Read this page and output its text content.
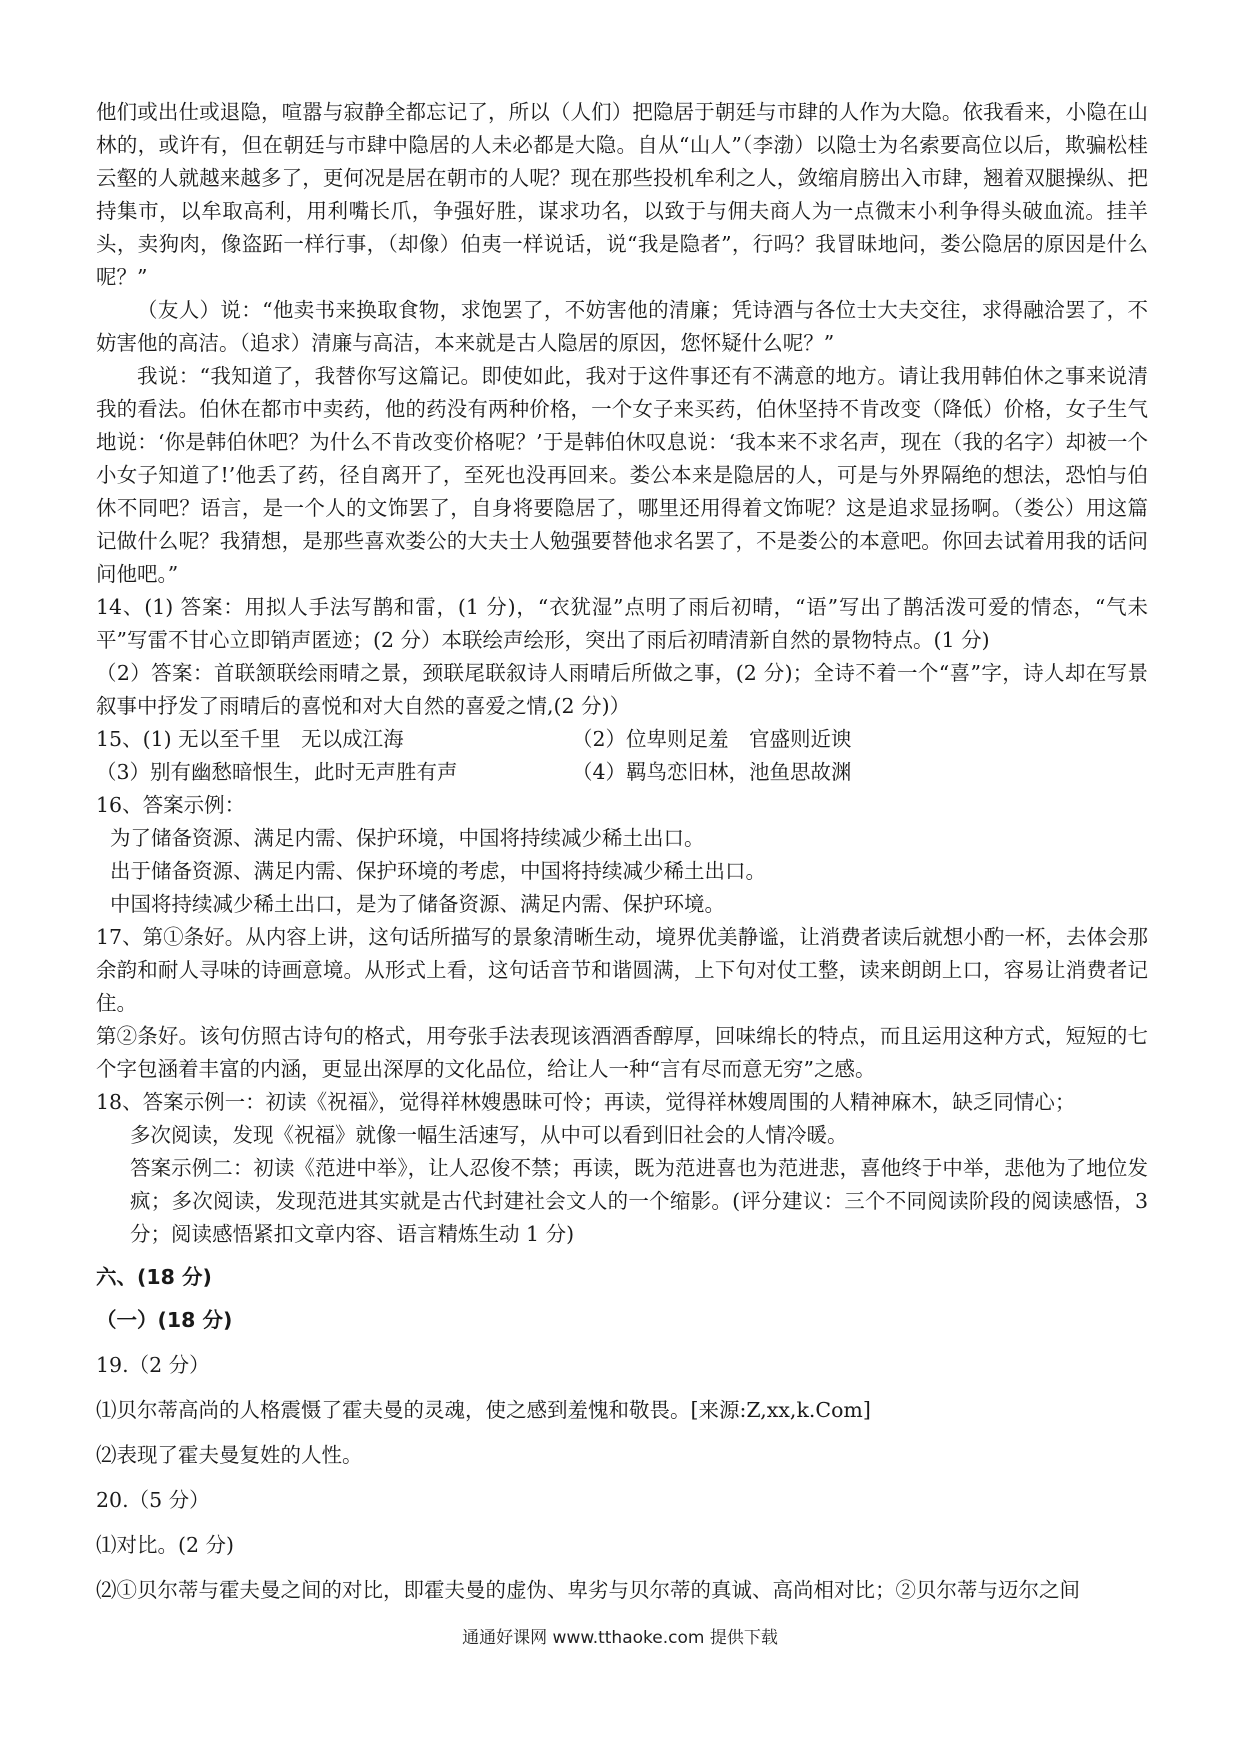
他们或出仕或退隐，喧嚣与寂静全都忘记了，所以（人们）把隐居于朝廷与市肆的人作为大隐。依我看来，小隐在山林的，或许有，但在朝廷与市肆中隐居的人未必都是大隐。自从“山人”（李渤）以隐士为名索要高位以后，欺骗松桂云壑的人就越来越多了，更何况是居在朝市的人呢？现在那些投机牟利之人，敛缩肩膀出入市肆，翘着双腿操纵、把持集市，以牟取高利，用利嘴长爪，争强好胜，谋求功名，以致于与佣夫商人为一点微末小利争得头破血流。挂羊头，卖狗肉，像盗跖一样行事，（却像）伯夷一样说话，说“我是隐者”，行吗？我冒昧地问，娄公隐居的原因是什么呢？”

（友人）说：“他卖书来换取食物，求饱罢了，不妨害他的清廉；凭诗酒与各位士大夫交往，求得融洽罢了，不妨害他的高洁。（追求）清廉与高洁，本来就是古人隐居的原因，您怀疑什么呢？”

我说：“我知道了，我替你写这篇记。即使如此，我对于这件事还有不满意的地方。请让我用韩伯休之事来说清我的看法。伯休在都市中卖药，他的药没有两种价格，一个女子来买药，伯休坚持不肯改变（降低）价格，女子生气地说：‘你是韩伯休吧？为什么不肯改变价格呢？’于是韩伯休叹息说：‘我本来不求名声，现在（我的名字）却被一个小女子知道了!’他丢了药，径自离开了，至死也没再回来。娄公本来是隐居的人，可是与外界隔绝的想法，恐怕与伯休不同吧？语言，是一个人的文饰罢了，自身将要隐居了，哪里还用得着文饰呢？这是追求显扬啊。（娄公）用这篇记做什么呢？我猜想，是那些喜欢娄公的大夫士人勉强要替他求名罢了，不是娄公的本意吧。你回去试着用我的话问问他吧。”

14、(1) 答案：用拟人手法写鹊和雷，(1 分)，“衣犹湿”点明了雨后初晴，“语”写出了鹊活泼可爱的情态，“气未平”写雷不甘心立即销声匿迹；(2 分）本联绘声绘形，突出了雨后初晴清新自然的景物特点。(1 分)

（2）答案：首联颔联绘雨晴之景，颈联尾联叙诗人雨晴后所做之事，(2 分)；全诗不着一个“喜”字，诗人却在写景叙事中抒发了雨晴后的喜悦和对大自然的喜爱之情,(2 分)）

15、(1) 无以至千里　无以成江海	（2）位卑则足羞　官盛则近谀
（3）别有幽愁暗恨生，此时无声胜有声	（4）羁鸟恋旧林，池鱼思故渊

16、答案示例：

为了储备资源、满足内需、保护环境，中国将持续减少稀土出口。

出于储备资源、满足内需、保护环境的考虑，中国将持续减少稀土出口。

中国将持续减少稀土出口，是为了储备资源、满足内需、保护环境。

17、第①条好。从内容上讲，这句话所描写的景象清晰生动，境界优美静谧，让消费者读后就想小酌一杯，去体会那余韵和耐人寻味的诗画意境。从形式上看，这句话音节和谐圆满，上下句对仗工整，读来朗朗上口，容易让消费者记住。

第②条好。该句仿照古诗句的格式，用夸张手法表现该酒酒香醇厚，回味绵长的特点，而且运用这种方式，短短的七个字包涵着丰富的内涵，更显出深厚的文化品位，给让人一种“言有尽而意无穷”之感。

18、答案示例一：初读《祝福》，觉得祥林嫂愚昧可怜；再读，觉得祥林嫂周围的人精神麻木，缺乏同情心；

多次阅读，发现《祝福》就像一幅生活速写，从中可以看到旧社会的人情冷暖。

答案示例二：初读《范进中举》，让人忍俊不禁；再读，既为范进喜也为范进悲，喜他终于中举，悲他为了地位发疯；多次阅读，发现范进其实就是古代封建社会文人的一个缩影。(评分建议：三个不同阅读阶段的阅读感悟，3 分；阅读感悟紧扣文章内容、语言精炼生动 1 分)

六、(18 分)

（一）(18 分)

19.（2 分）

⑴贝尔蒂高尚的人格震慑了霍夫曼的灵魂，使之感到羞愧和敬畏。[来源:Z,xx,k.Com]

⑵表现了霍夫曼复姓的人性。

20.（5 分）

⑴对比。(2 分)

⑵①贝尔蒂与霍夫曼之间的对比，即霍夫曼的虚伪、卑劣与贝尔蒂的真诚、高尚相对比；②贝尔蒂与迈尔之间

通通好课网 www.tthaoke.com 提供下载
